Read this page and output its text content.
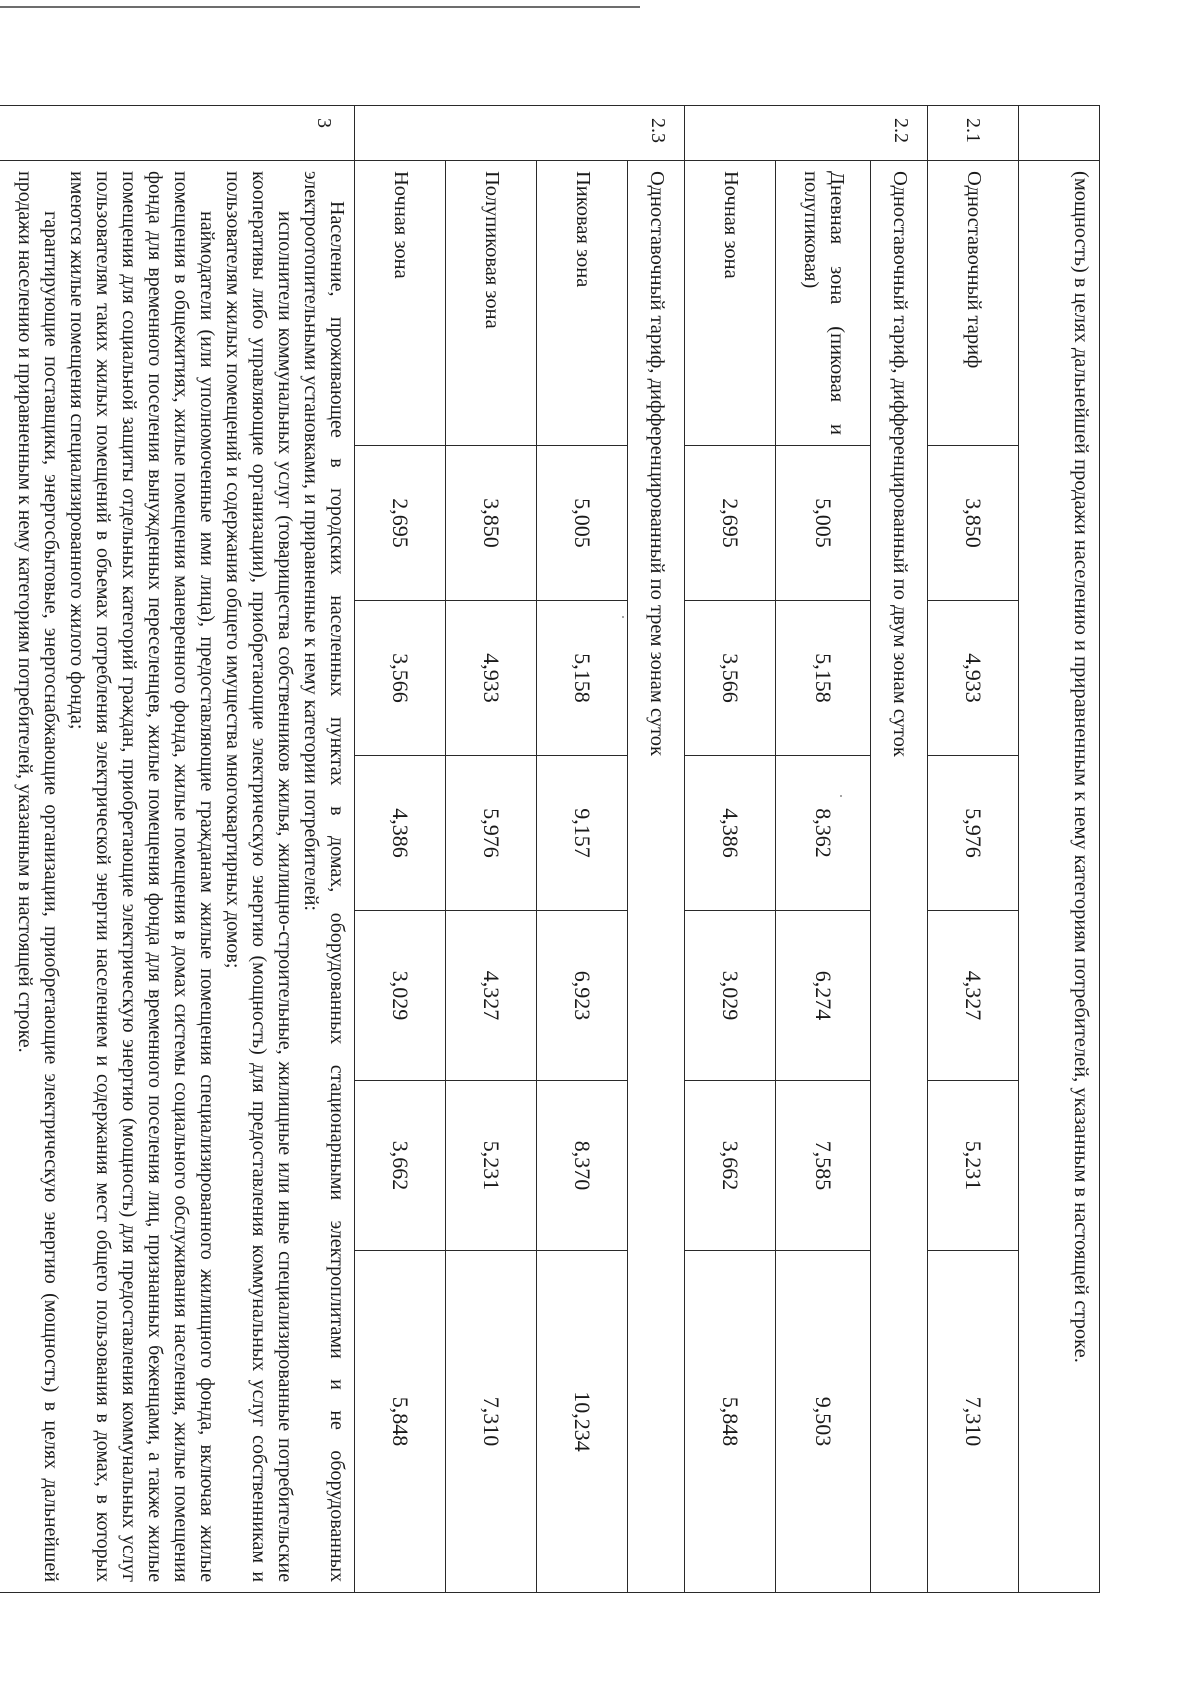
	(мощность) в целях дальнейшей продажи населению и приравненным к нему категориям потребителей, указанным в настоящей строке.						
2.1	Одноставочный тариф	3,850	4,933	5,976	4,327	5,231	7,310
2.2	Одноставочный тариф, дифференцированный по двум зонам суток						

	Дневная зона (пиковая и полупиковая)	5,005	5,158	8,362	6,274	7,585	9,503
	Ночная зона	2,695	3,566	4,386	3,029	3,662	5,848
2.3	Одноставочный тариф, дифференцированный по трем зонам суток						
	Пиковая зона	5,005	5,158	9,157	6,923	8,370	10,234
	Полупиковая зона	3,850	4,933	5,976	4,327	5,231	7,310
	Ночная зона	2,695	3,566	4,386	3,029	3,662	5,848
3	Население, проживающее в городских населенных пунктах в домах, оборудованных стационарными электроплитами и не оборудованных электроотопительными установками, и приравненные к нему категории потребителей:

исполнители коммунальных услуг (товарищества собственников жилья, жилищно-строительные, жилищные или иные специализированные потребительские кооперативы либо управляющие организации), приобретающие электрическую энергию (мощность) для предоставления коммунальных услуг собственникам и пользователям жилых помещений и содержания общего имущества многоквартирных домов;

наймодатели (или уполномоченные ими лица), предоставляющие гражданам жилые помещения специализированного жилищного фонда, включая жилые помещения в общежитиях, жилые помещения маневренного фонда, жилые помещения в домах системы социального обслуживания населения, жилые помещения фонда для временного поселения вынужденных переселенцев, жилые помещения фонда для временного поселения лиц, признанных беженцами, а также жилые помещения для социальной защиты отдельных категорий граждан, приобретающие электрическую энергию (мощность) для предоставления коммунальных услуг пользователям таких жилых помещений в объемах потребления электрической энергии населением и содержания мест общего пользования в домах, в которых имеются жилые помещения специализированного жилого фонда;

гарантирующие поставщики, энергосбытовые, энергоснабжающие организации, приобретающие электрическую энергию (мощность) в целях дальнейшей продажи населению и приравненным к нему категориям потребителей, указанным в настоящей строке.						
